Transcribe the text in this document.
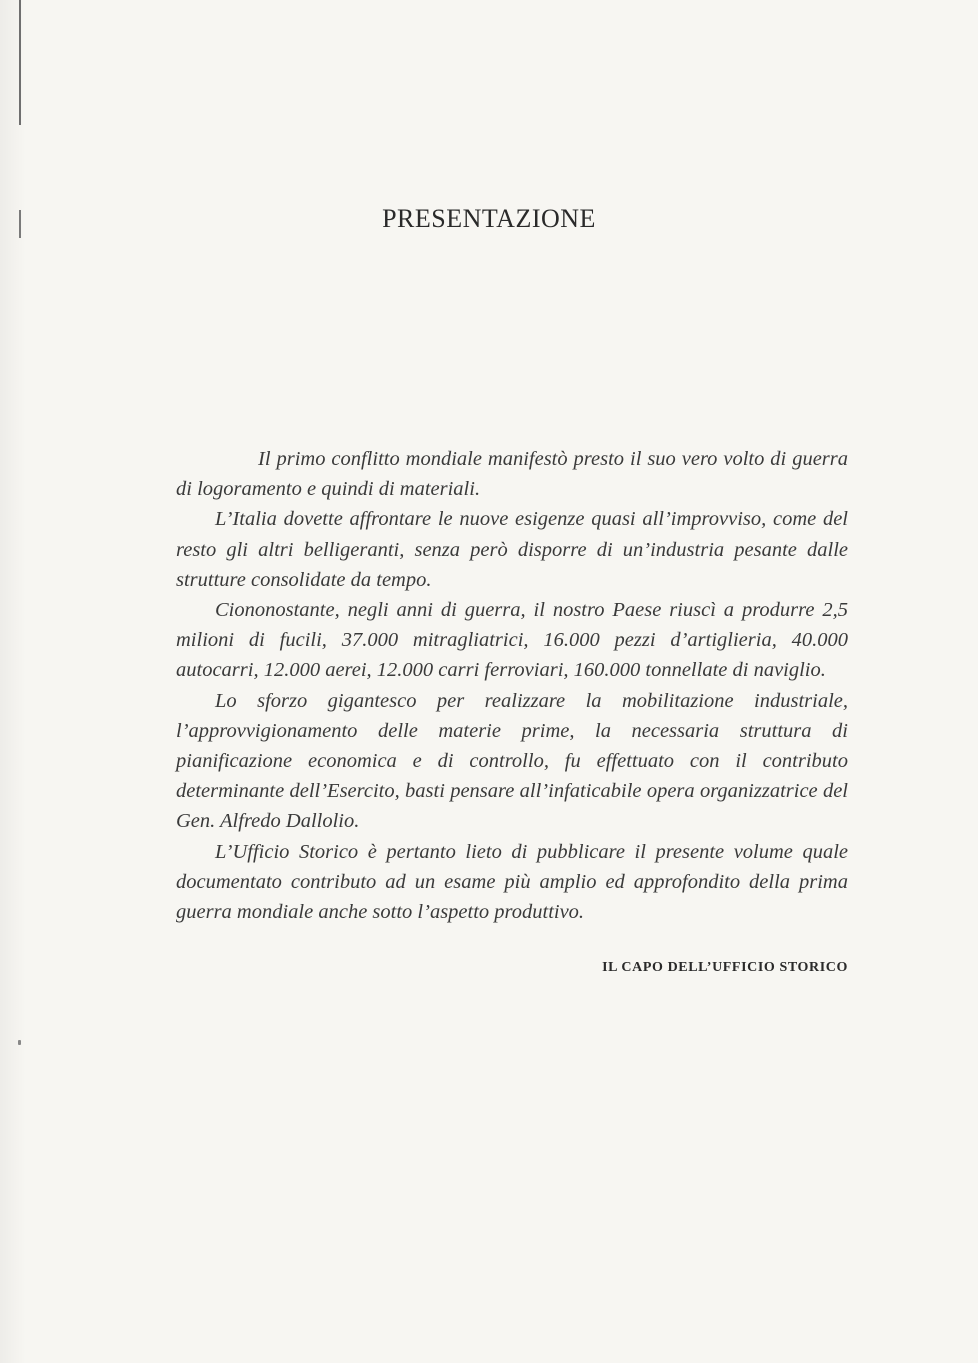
PRESENTAZIONE

Il primo conflitto mondiale manifestò presto il suo vero volto di guerra di logoramento e quindi di materiali.

L’Italia dovette affrontare le nuove esigenze quasi all’improvviso, come del resto gli altri belligeranti, senza però disporre di un’industria pesante dalle strutture consolidate da tempo.

Ciononostante, negli anni di guerra, il nostro Paese riuscì a produrre 2,5 milioni di fucili, 37.000 mitragliatrici, 16.000 pezzi d’artiglieria, 40.000 autocarri, 12.000 aerei, 12.000 carri ferroviari, 160.000 tonnellate di naviglio.

Lo sforzo gigantesco per realizzare la mobilitazione industriale, l’approvvigionamento delle materie prime, la necessaria struttura di pianificazione economica e di controllo, fu effettuato con il contributo determinante dell’Esercito, basti pensare all’infaticabile opera organizzatrice del Gen. Alfredo Dallolio.

L’Ufficio Storico è pertanto lieto di pubblicare il presente volume quale documentato contributo ad un esame più amplio ed approfondito della prima guerra mondiale anche sotto l’aspetto produttivo.

IL CAPO DELL’UFFICIO STORICO
